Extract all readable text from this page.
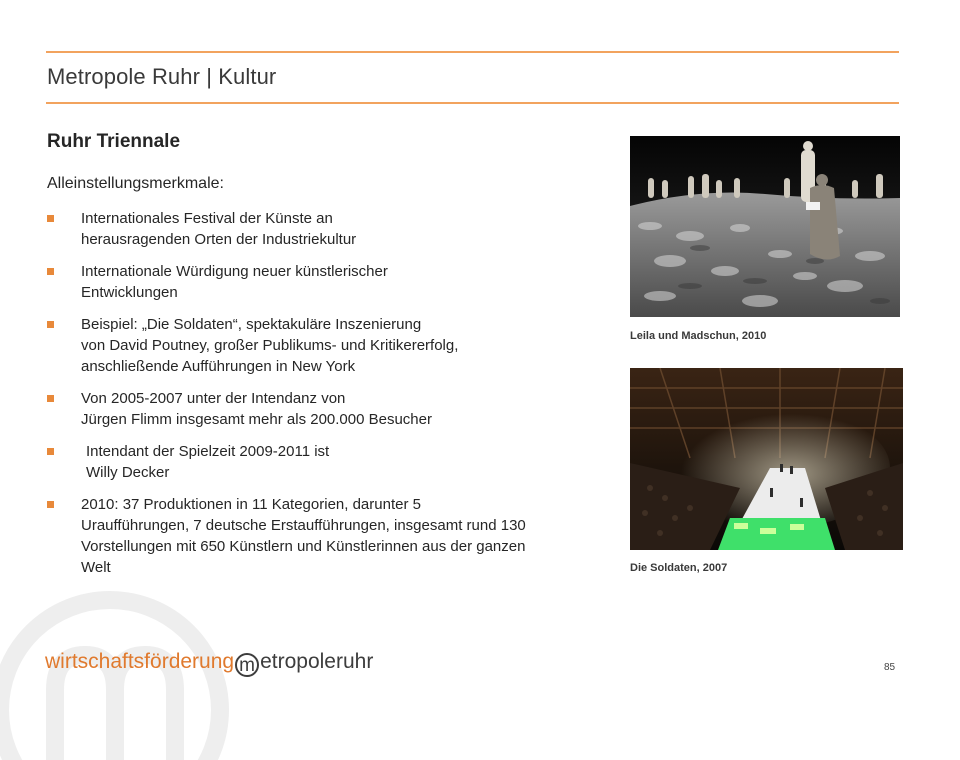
Metropole Ruhr | Kultur
Ruhr Triennale
Alleinstellungsmerkmale:
Internationales Festival der Künste an
herausragenden Orten der Industriekultur
Internationale Würdigung neuer künstlerischer
Entwicklungen
Beispiel: „Die Soldaten“, spektakuläre Inszenierung
von David Poutney, großer Publikums- und Kritikererfolg,
anschließende Aufführungen in New York
Von 2005-2007 unter der Intendanz von
Jürgen Flimm insgesamt mehr als 200.000 Besucher
Intendant der Spielzeit 2009-2011 ist
Willy Decker
2010: 37 Produktionen in 11 Kategorien, darunter 5
Uraufführungen, 7 deutsche Erstaufführungen, insgesamt rund 130
Vorstellungen mit 650 Künstlern und Künstlerinnen aus der ganzen
Welt
Leila und Madschun, 2010
Die Soldaten, 2007
wirtschaftsförderung m etropoleruhr	85
